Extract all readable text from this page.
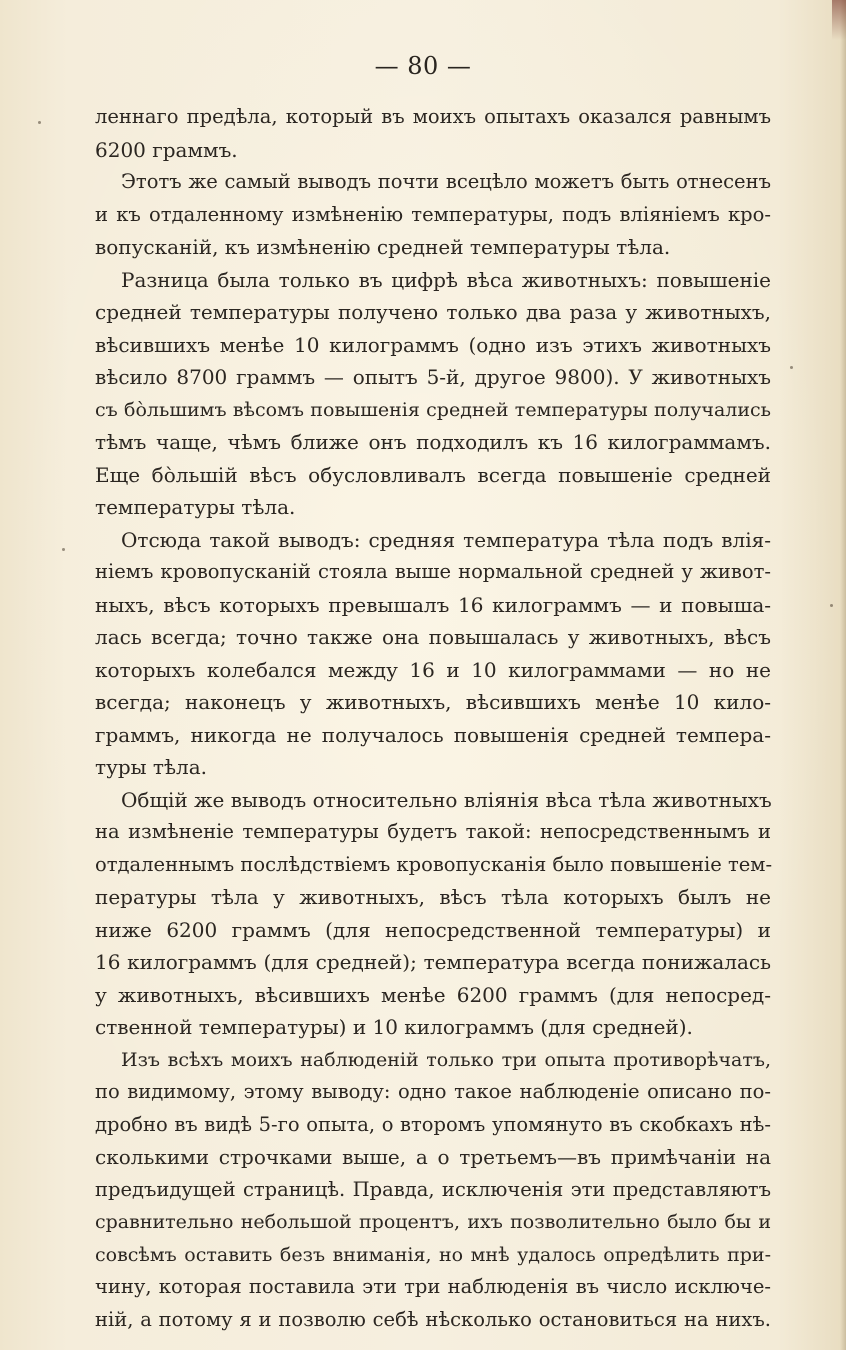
— 80 —
леннаго предѣла, который въ моихъ опытахъ оказался равнымъ
6200 граммъ.
Этотъ же самый выводъ почти всецѣло можетъ быть отнесенъ
и къ отдаленному измѣненію температуры, подъ вліяніемъ кро-
вопусканій, къ измѣненію средней температуры тѣла.
Разница была только въ цифрѣ вѣса животныхъ: повышеніе
средней температуры получено только два раза у животныхъ,
вѣсившихъ менѣе 10 килограммъ (одно изъ этихъ животныхъ
вѣсило 8700 граммъ — опытъ 5-й, другое 9800). У животныхъ
съ бо̀льшимъ вѣсомъ повышенія средней температуры получались
тѣмъ чаще, чѣмъ ближе онъ подходилъ къ 16 килограммамъ.
Еще бо̀льшій вѣсъ обусловливалъ всегда повышеніе средней
температуры тѣла.
Отсюда такой выводъ: средняя температура тѣла подъ влія-
ніемъ кровопусканій стояла выше нормальной средней у живот-
ныхъ, вѣсъ которыхъ превышалъ 16 килограммъ — и повыша-
лась всегда; точно также она повышалась у животныхъ, вѣсъ
которыхъ колебался между 16 и 10 килограммами — но не
всегда; наконецъ у животныхъ, вѣсившихъ менѣе 10 кило-
граммъ, никогда не получалось повышенія средней темпера-
туры тѣла.
Общій же выводъ относительно вліянія вѣса тѣла животныхъ
на измѣненіе температуры будетъ такой: непосредственнымъ и
отдаленнымъ послѣдствіемъ кровопусканія было повышеніе тем-
пературы тѣла у животныхъ, вѣсъ тѣла которыхъ былъ не
ниже 6200 граммъ (для непосредственной температуры) и
16 килограммъ (для средней); температура всегда понижалась
у животныхъ, вѣсившихъ менѣе 6200 граммъ (для непосред-
ственной температуры) и 10 килограммъ (для средней).
Изъ всѣхъ моихъ наблюденій только три опыта противорѣчатъ,
по видимому, этому выводу: одно такое наблюденіе описано по-
дробно въ видѣ 5-го опыта, о второмъ упомянуто въ скобкахъ нѣ-
сколькими строчками выше, а о третьемъ—въ примѣчаніи на
предъидущей страницѣ. Правда, исключенія эти представляютъ
сравнительно небольшой процентъ, ихъ позволительно было бы и
совсѣмъ оставить безъ вниманія, но мнѣ удалось опредѣлить при-
чину, которая поставила эти три наблюденія въ число исключе-
ній, а потому я и позволю себѣ нѣсколько остановиться на нихъ.
